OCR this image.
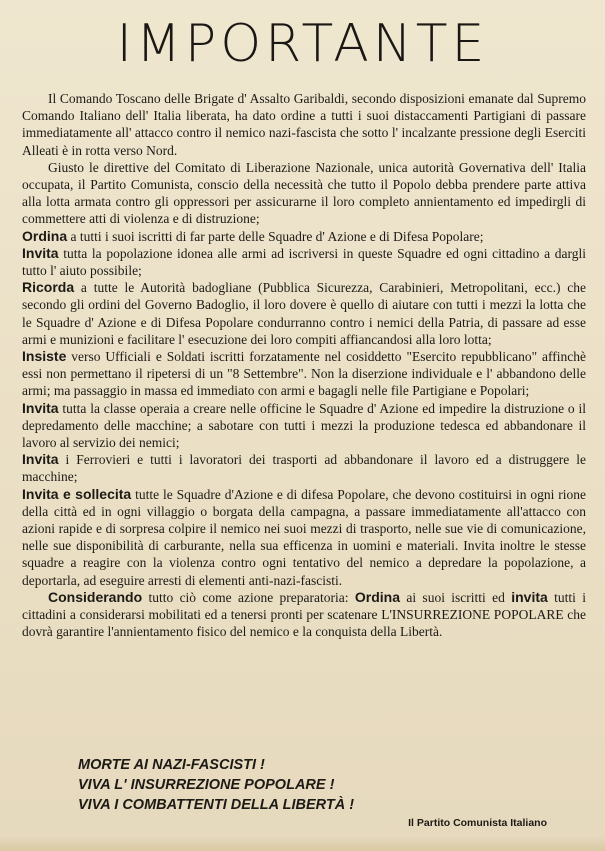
IMPORTANTE

Il Comando Toscano delle Brigate d' Assalto Garibaldi, secondo disposizioni emanate dal Supremo Comando Italiano dell' Italia liberata, ha dato ordine a tutti i suoi distaccamenti Partigiani di passare immediatamente all' attacco contro il nemico nazi-fascista che sotto l' incalzante pressione degli Eserciti Alleati è in rotta verso Nord.

Giusto le direttive del Comitato di Liberazione Nazionale, unica autorità Governativa dell' Italia occupata, il Partito Comunista, conscio della necessità che tutto il Popolo debba prendere parte attiva alla lotta armata contro gli oppressori per assicurarne il loro completo annientamento ed impedirgli di commettere atti di violenza e di distruzione;

Ordina a tutti i suoi iscritti di far parte delle Squadre d' Azione e di Difesa Popolare;

Invita tutta la popolazione idonea alle armi ad iscriversi in queste Squadre ed ogni cittadino a dargli tutto l' aiuto possibile;

Ricorda a tutte le Autorità badogliane (Pubblica Sicurezza, Carabinieri, Metropolitani, ecc.) che secondo gli ordini del Governo Badoglio, il loro dovere è quello di aiutare con tutti i mezzi la lotta che le Squadre d' Azione e di Difesa Popolare condurranno contro i nemici della Patria, di passare ad esse armi e munizioni e facilitare l' esecuzione dei loro compiti affiancandosi alla loro lotta;

Insiste verso Ufficiali e Soldati iscritti forzatamente nel cosiddetto "Esercito repubblicano" affinchè essi non permettano il ripetersi di un "8 Settembre". Non la diserzione individuale e l' abbandono delle armi; ma passaggio in massa ed immediato con armi e bagagli nelle file Partigiane e Popolari;

Invita tutta la classe operaia a creare nelle officine le Squadre d' Azione ed impedire la distruzione o il depredamento delle macchine; a sabotare con tutti i mezzi la produzione tedesca ed abbandonare il lavoro al servizio dei nemici;

Invita i Ferrovieri e tutti i lavoratori dei trasporti ad abbandonare il lavoro ed a distruggere le macchine;

Invita e sollecita tutte le Squadre d'Azione e di difesa Popolare, che devono costituirsi in ogni rione della città ed in ogni villaggio o borgata della campagna, a passare immediatamente all'attacco con azioni rapide e di sorpresa colpire il nemico nei suoi mezzi di trasporto, nelle sue vie di comunicazione, nelle sue disponibilità di carburante, nella sua efficenza in uomini e materiali. Invita inoltre le stesse squadre a reagire con la violenza contro ogni tentativo del nemico a depredare la popolazione, a deportarla, ad eseguire arresti di elementi anti-nazi-fascisti.

Considerando tutto ciò come azione preparatoria: Ordina ai suoi iscritti ed invita tutti i cittadini a considerarsi mobilitati ed a tenersi pronti per scatenare L'INSURREZIONE POPOLARE che dovrà garantire l'annientamento fisico del nemico e la conquista della Libertà.

MORTE AI NAZI-FASCISTI !
VIVA L' INSURREZIONE POPOLARE !
VIVA I COMBATTENTI DELLA LIBERTÀ !
Il Partito Comunista Italiano
